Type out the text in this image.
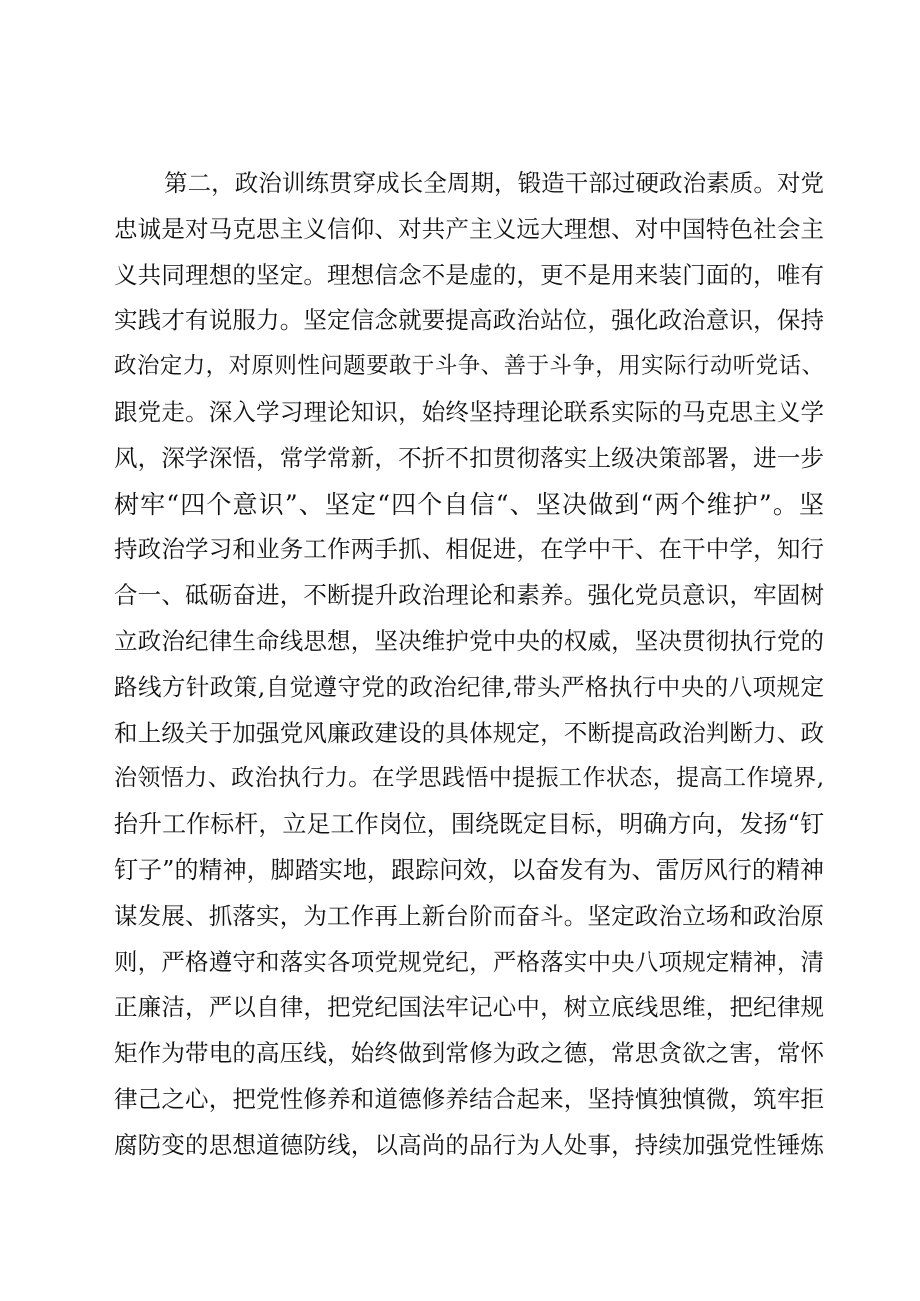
第二，政治训练贯穿成长全周期，锻造干部过硬政治素质。对党
忠诚是对马克思主义信仰、对共产主义远大理想、对中国特色社会主
义共同理想的坚定。理想信念不是虚的，更不是用来装门面的，唯有
实践才有说服力。坚定信念就要提高政治站位，强化政治意识，保持
政治定力，对原则性问题要敢于斗争、善于斗争，用实际行动听党话、
跟党走。深入学习理论知识，始终坚持理论联系实际的马克思主义学
风，深学深悟，常学常新，不折不扣贯彻落实上级决策部署，进一步
树牢“四个意识”、坚定“四个自信“、坚决做到“两个维护”。坚
持政治学习和业务工作两手抓、相促进，在学中干、在干中学，知行
合一、砥砺奋进，不断提升政治理论和素养。强化党员意识，牢固树
立政治纪律生命线思想，坚决维护党中央的权威，坚决贯彻执行党的
路线方针政策,自觉遵守党的政治纪律,带头严格执行中央的八项规定
和上级关于加强党风廉政建设的具体规定，不断提高政治判断力、政
治领悟力、政治执行力。在学思践悟中提振工作状态，提高工作境界,
抬升工作标杆，立足工作岗位，围绕既定目标，明确方向，发扬“钉
钉子”的精神，脚踏实地，跟踪问效，以奋发有为、雷厉风行的精神
谋发展、抓落实，为工作再上新台阶而奋斗。坚定政治立场和政治原
则，严格遵守和落实各项党规党纪，严格落实中央八项规定精神，清
正廉洁，严以自律，把党纪国法牢记心中，树立底线思维，把纪律规
矩作为带电的高压线，始终做到常修为政之德，常思贪欲之害，常怀
律己之心，把党性修养和道德修养结合起来，坚持慎独慎微，筑牢拒
腐防变的思想道德防线，以高尚的品行为人处事，持续加强党性锤炼
